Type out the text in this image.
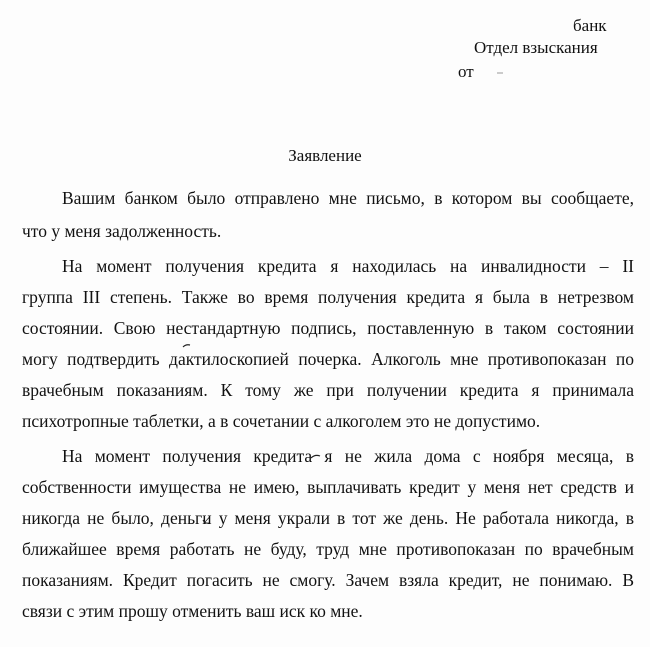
банк
Отдел взыскания
от
Заявление
Вашим банком было отправлено мне письмо, в котором вы сообщаете,
что у меня задолженность.
На момент получения кредита я находилась на инвалидности – II
группа III степень. Также во время получения кредита я была в нетрезвом
состоянии. Свою нестандартную подпись, поставленную в таком состоянии
могу подтвердить дактилоскопией почерка. Алкоголь мне противопоказан по
врачебным показаниям. К тому же при получении кредита я принимала
психотропные таблетки, а в сочетании с алкоголем это не допустимо.
На момент получения кредита я не жила дома с ноября месяца, в
собственности имущества не имею, выплачивать кредит у меня нет средств и
никогда не было, деньги у меня украли в тот же день. Не работала никогда, в
ближайшее время работать не буду, труд мне противопоказан по врачебным
показаниям. Кредит погасить не смогу. Зачем взяла кредит, не понимаю. В
связи с этим прошу отменить ваш иск ко мне.
